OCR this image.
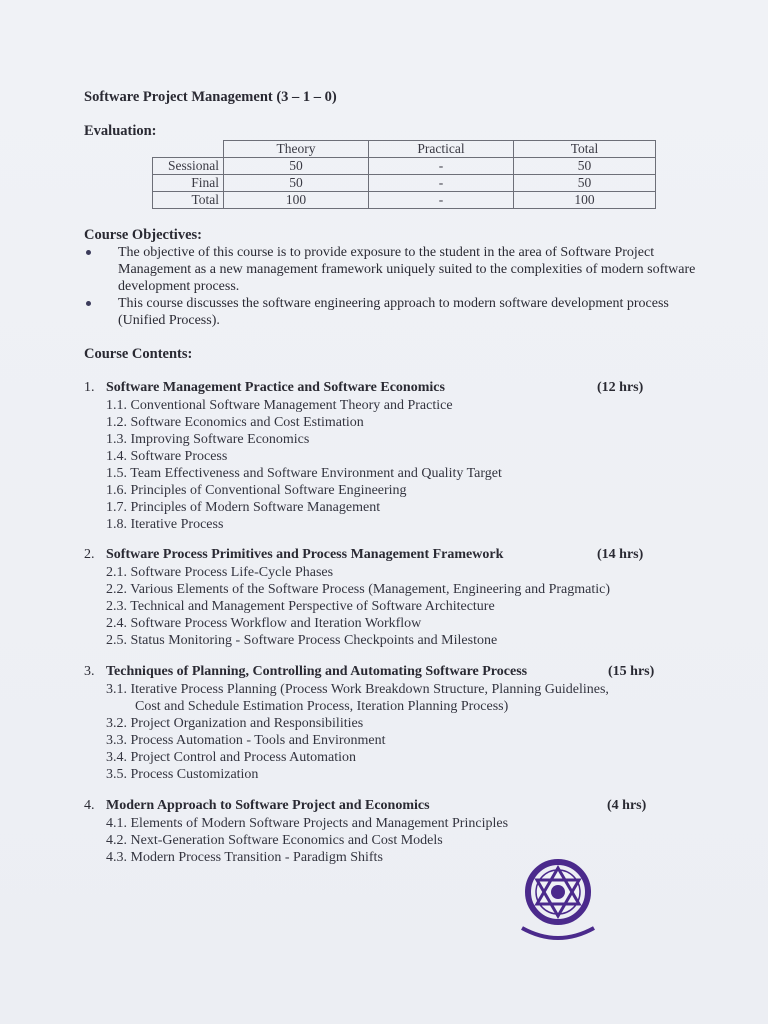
Software Project Management (3 – 1 – 0)
Evaluation:
	Theory	Practical	Total
Sessional	50	-	50
Final	50	-	50
Total	100	-	100
Course Objectives:
The objective of this course is to provide exposure to the student in the area of Software Project Management as a new management framework uniquely suited to the complexities of modern software development process.
This course discusses the software engineering approach to modern software development process (Unified Process).
Course Contents:
1. Software Management Practice and Software Economics	(12 hrs)
1.1. Conventional Software Management Theory and Practice
1.2. Software Economics and Cost Estimation
1.3. Improving Software Economics
1.4. Software Process
1.5. Team Effectiveness and Software Environment and Quality Target
1.6. Principles of Conventional Software Engineering
1.7. Principles of Modern Software Management
1.8. Iterative Process
2. Software Process Primitives and Process Management Framework	(14 hrs)
2.1. Software Process Life-Cycle Phases
2.2. Various Elements of the Software Process (Management, Engineering and Pragmatic)
2.3. Technical and Management Perspective of Software Architecture
2.4. Software Process Workflow and Iteration Workflow
2.5. Status Monitoring - Software Process Checkpoints and Milestone
3. Techniques of Planning, Controlling and Automating Software Process	(15 hrs)
3.1. Iterative Process Planning (Process Work Breakdown Structure, Planning Guidelines,
Cost and Schedule Estimation Process, Iteration Planning Process)
3.2. Project Organization and Responsibilities
3.3. Process Automation - Tools and Environment
3.4. Project Control and Process Automation
3.5. Process Customization
4. Modern Approach to Software Project and Economics	(4 hrs)
4.1. Elements of Modern Software Projects and Management Principles
4.2. Next-Generation Software Economics and Cost Models
4.3. Modern Process Transition - Paradigm Shifts
